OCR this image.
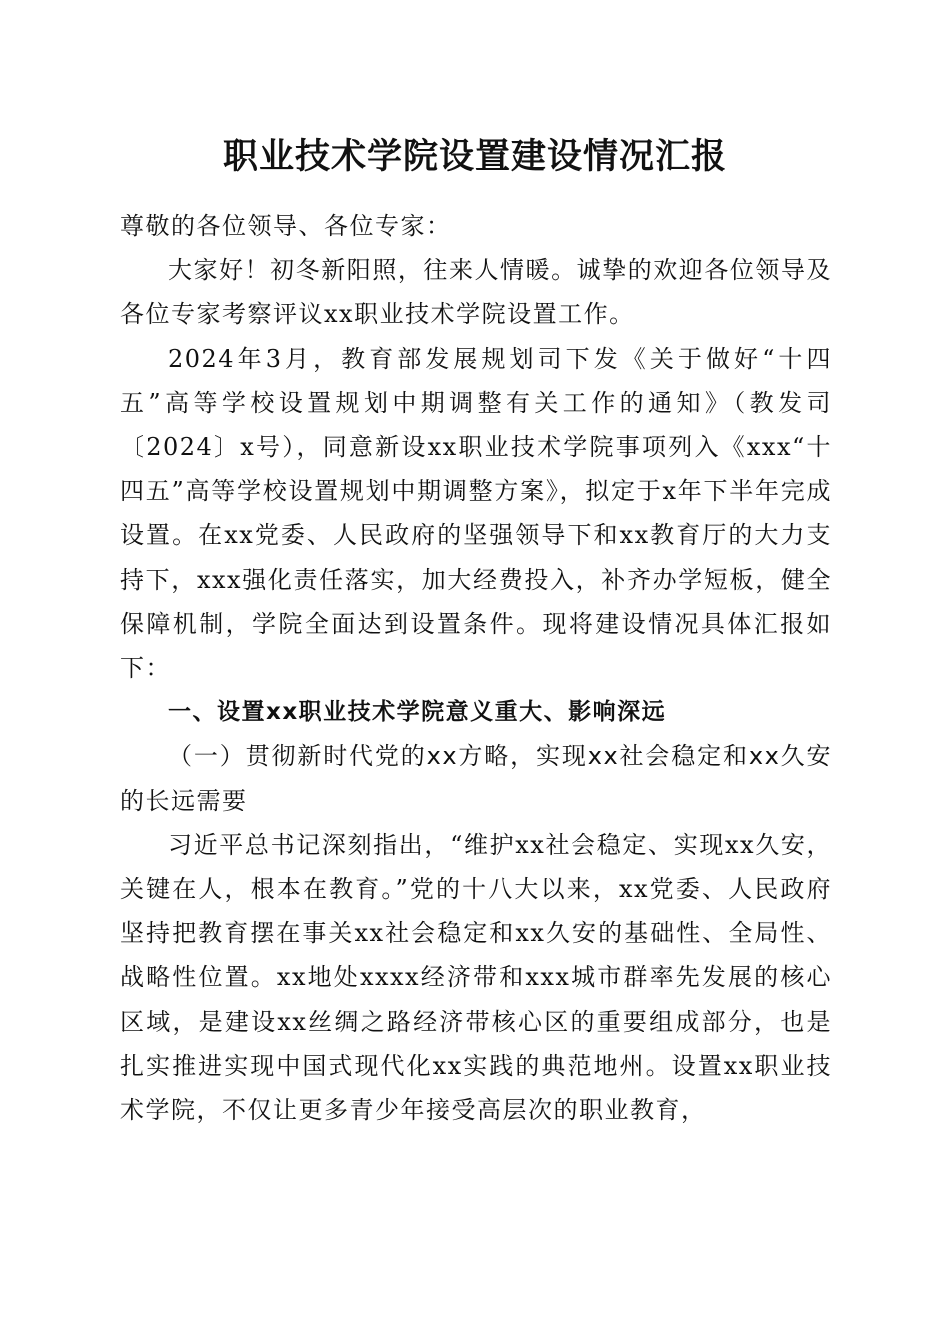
职业技术学院设置建设情况汇报

尊敬的各位领导、各位专家：

大家好！初冬新阳照，往来人情暖。诚挚的欢迎各位领导及各位专家考察评议xx职业技术学院设置工作。

2024年3月，教育部发展规划司下发《关于做好“十四五”高等学校设置规划中期调整有关工作的通知》（教发司〔2024〕x号），同意新设xx职业技术学院事项列入《xxx“十四五”高等学校设置规划中期调整方案》，拟定于x年下半年完成设置。在xx党委、人民政府的坚强领导下和xx教育厅的大力支持下，xxx强化责任落实，加大经费投入，补齐办学短板，健全保障机制，学院全面达到设置条件。现将建设情况具体汇报如下：

一、设置xx职业技术学院意义重大、影响深远

（一）贯彻新时代党的xx方略，实现xx社会稳定和xx久安的长远需要

习近平总书记深刻指出，“维护xx社会稳定、实现xx久安，关键在人，根本在教育。”党的十八大以来，xx党委、人民政府坚持把教育摆在事关xx社会稳定和xx久安的基础性、全局性、战略性位置。xx地处xxxx经济带和xxx城市群率先发展的核心区域，是建设xx丝绸之路经济带核心区的重要组成部分，也是扎实推进实现中国式现代化xx实践的典范地州。设置xx职业技术学院，不仅让更多青少年接受高层次的职业教育，
